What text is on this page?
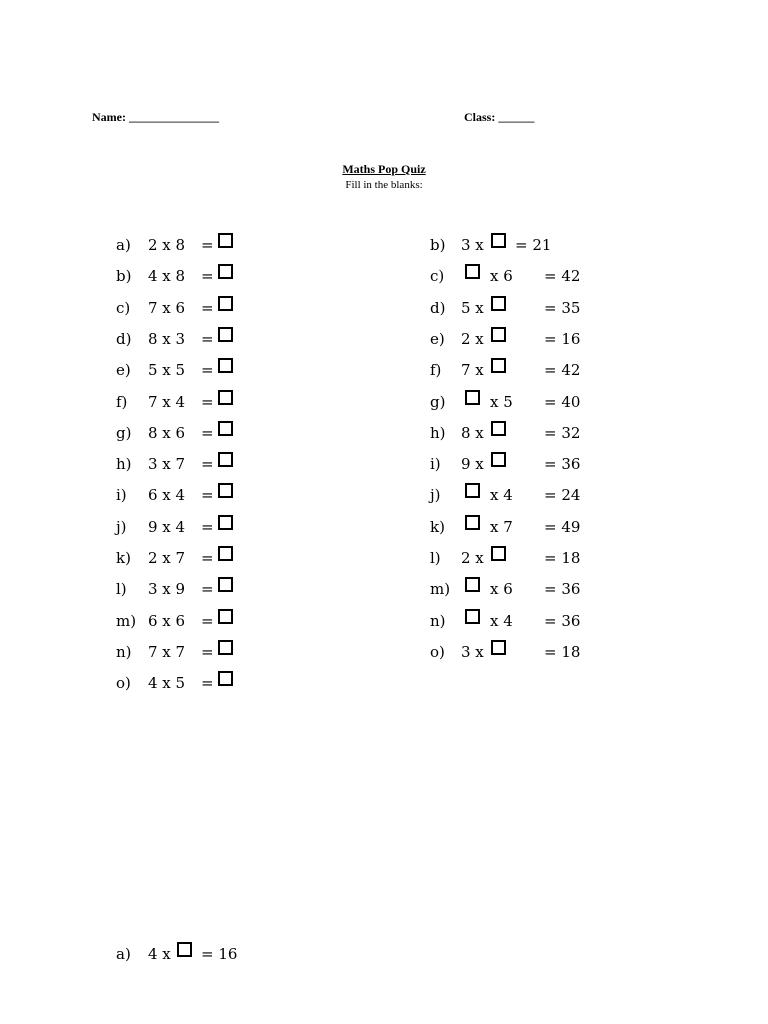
Name: _______________	Class: ______
Maths Pop Quiz
Fill in the blanks:
a) 2 x 8 =
b) 4 x 8 =
c) 7 x 6 =
d) 8 x 3 =
e) 5 x 5 =
f) 7 x 4 =
g) 8 x 6 =
h) 3 x 7 =
i) 6 x 4 =
j) 9 x 4 =
k) 2 x 7 =
l) 3 x 9 =
m) 6 x 6 =
n) 7 x 7 =
o) 4 x 5 =
b) 3 x = 21
c)	x 6 = 42
d) 5 x	= 35
e) 2 x	= 16
f) 7 x	= 42
g)	x 5 = 40
h) 8 x	= 32
i) 9 x	= 36
j)	x 4 = 24
k)	x 7 = 49
l) 2 x	= 18
m)	x 6 = 36
n)	x 4 = 36
o) 3 x	= 18
a) 4 x = 16
